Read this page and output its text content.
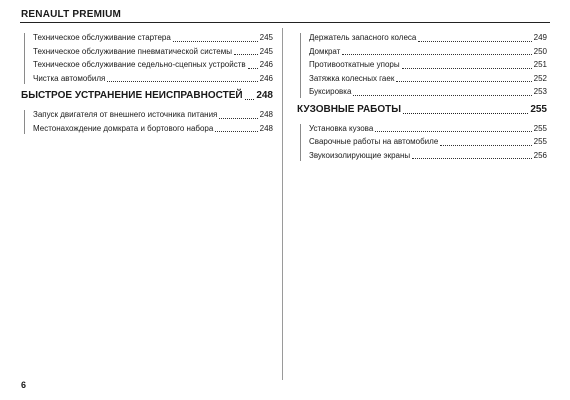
RENAULT PREMIUM
Техническое обслуживание стартера	245
Техническое обслуживание пневматической системы	245
Техническое обслуживание седельно-сцепных устройств 246
Чистка автомобиля	246
БЫСТРОЕ УСТРАНЕНИЕ НЕИСПРАВНОСТЕЙ 248
Запуск двигателя от внешнего источника питания	248
Местонахождение домкрата и бортового набора	248
Держатель запасного колеса	249
Домкрат	250
Противооткатные упоры	251
Затяжка колесных гаек	252
Буксировка	253
КУЗОВНЫЕ РАБОТЫ	255
Установка кузова	255
Сварочные работы на автомобиле	255
Звукоизолирующие экраны	256
6
